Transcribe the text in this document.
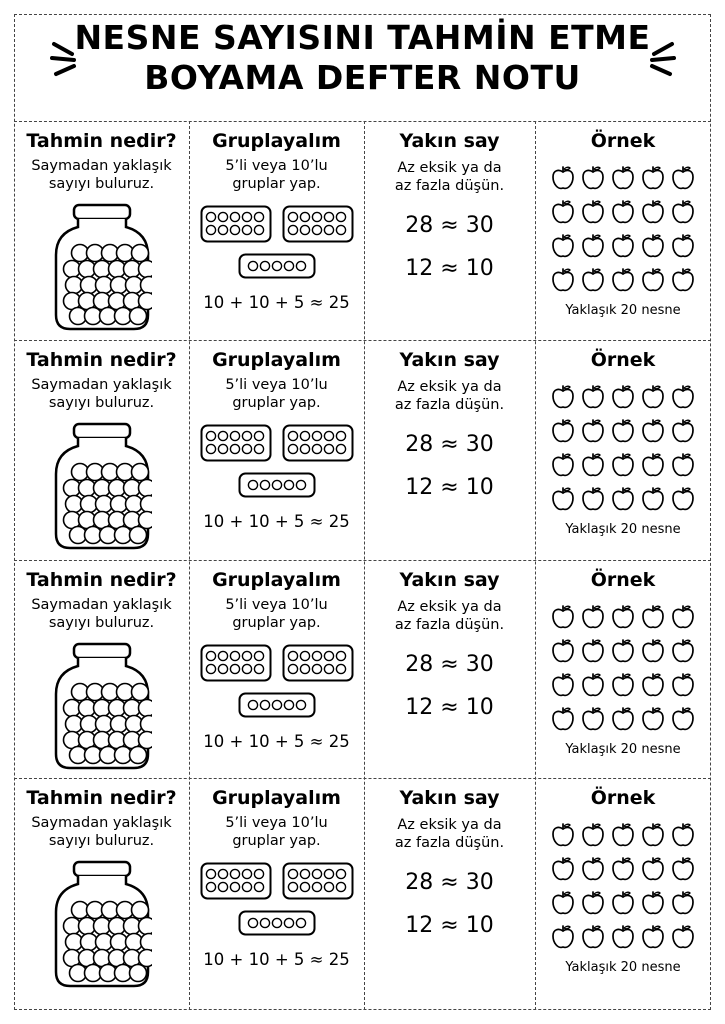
NESNE SAYISINI TAHMİN ETME
BOYAMA DEFTER NOTU
Tahmin nedir?
Saymadan yaklaşık
sayıyı buluruz.
Gruplayalım
5’li veya 10’lu
gruplar yap.
10 + 10 + 5 ≈ 25
Yakın say
Az eksik ya da
az fazla düşün.
28 ≈ 30
12 ≈ 10
Örnek
Yaklaşık 20 nesne
Tahmin nedir?
Saymadan yaklaşık
sayıyı buluruz.
Gruplayalım
5’li veya 10’lu
gruplar yap.
10 + 10 + 5 ≈ 25
Yakın say
Az eksik ya da
az fazla düşün.
28 ≈ 30
12 ≈ 10
Örnek
Yaklaşık 20 nesne
Tahmin nedir?
Saymadan yaklaşık
sayıyı buluruz.
Gruplayalım
5’li veya 10’lu
gruplar yap.
10 + 10 + 5 ≈ 25
Yakın say
Az eksik ya da
az fazla düşün.
28 ≈ 30
12 ≈ 10
Örnek
Yaklaşık 20 nesne
Tahmin nedir?
Saymadan yaklaşık
sayıyı buluruz.
Gruplayalım
5’li veya 10’lu
gruplar yap.
10 + 10 + 5 ≈ 25
Yakın say
Az eksik ya da
az fazla düşün.
28 ≈ 30
12 ≈ 10
Örnek
Yaklaşık 20 nesne
